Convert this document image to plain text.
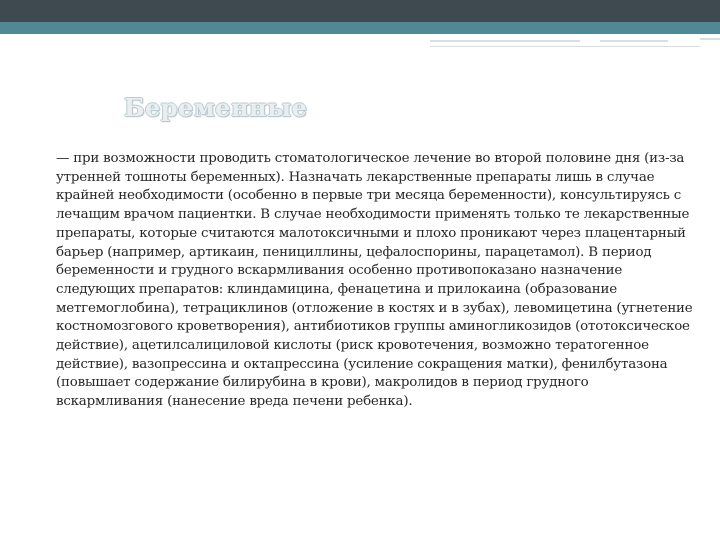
Беременные

— при возможности проводить стоматологическое лечение во второй половине дня (из-за утренней тошноты беременных). Назначать лекарственные препараты лишь в случае крайней необходимости (особенно в первые три месяца беременности), консультируясь с лечащим врачом пациентки. В случае необходимости применять только те лекарственные препараты, которые считаются малотоксичными и плохо проникают через плацентарный барьер (например, артикаин, пенициллины, цефалоспорины, парацетамол). В период беременности и грудного вскармливания особенно противопоказано назначение следующих препаратов: клиндамицина, фенацетина и прилокаина (образование метгемоглобина), тетрациклинов (отложение в костях и в зубах), левомицетина (угнетение костномозгового кроветворения), антибиотиков группы аминогликозидов (ототоксическое действие), ацетилсалициловой кислоты (риск кровотечения, возможно тератогенное действие), вазопрессина и октапрессина (усиление сокращения матки), фенилбутазона (повышает содержание билирубина в крови), макролидов в период грудного вскармливания (нанесение вреда печени ребенка).
